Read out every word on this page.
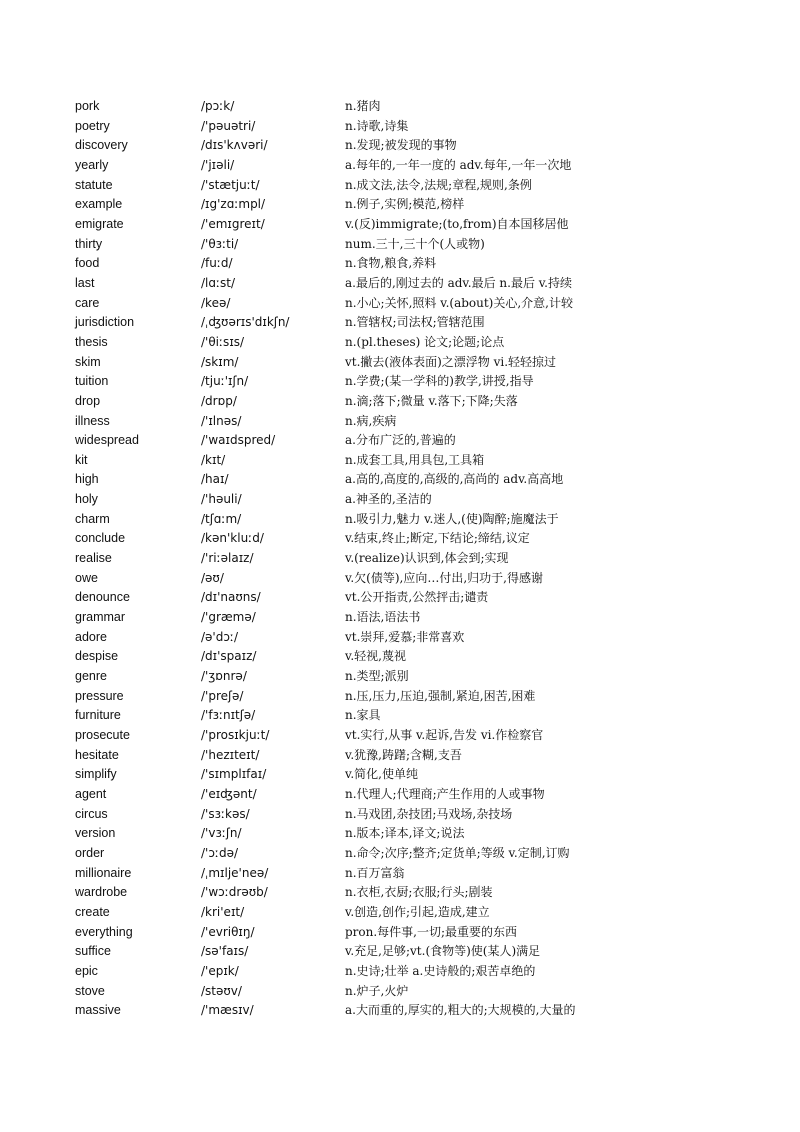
pork	/pɔːk/	n.猪肉
poetry	/'pəuətri/	n.诗歌,诗集
discovery	/dɪs'kʌvəri/	n.发现;被发现的事物
yearly	/'jɪəli/	a.每年的,一年一度的 adv.每年,一年一次地
statute	/'stætjuːt/	n.成文法,法令,法规;章程,规则,条例
example	/ɪg'zɑːmpl/	n.例子,实例;模范,榜样
emigrate	/'emɪgreɪt/	v.(反)immigrate;(to,from)自本国移居他
thirty	/'θɜːti/	num.三十,三十个(人或物)
food	/fuːd/	n.食物,粮食,养料
last	/lɑːst/	a.最后的,刚过去的 adv.最后 n.最后 v.持续
care	/keə/	n.小心;关怀,照料 v.(about)关心,介意,计较
jurisdiction	/ˌʤʊərɪs'dɪkʃn/	n.管辖权;司法权;管辖范围
thesis	/'θiːsɪs/	n.(pl.theses) 论文;论题;论点
skim	/skɪm/	vt.撇去(液体表面)之漂浮物 vi.轻轻掠过
tuition	/tjuː'ɪʃn/	n.学费;(某一学科的)教学,讲授,指导
drop	/drɒp/	n.滴;落下;微量 v.落下;下降;失落
illness	/'ɪlnəs/	n.病,疾病
widespread	/'waɪdspred/	a.分布广泛的,普遍的
kit	/kɪt/	n.成套工具,用具包,工具箱
high	/haɪ/	a.高的,高度的,高级的,高尚的 adv.高高地
holy	/'həuli/	a.神圣的,圣洁的
charm	/tʃɑːm/	n.吸引力,魅力 v.迷人,(使)陶醉;施魔法于
conclude	/kən'kluːd/	v.结束,终止;断定,下结论;缔结,议定
realise	/'riːəlaɪz/	v.(realize)认识到,体会到;实现
owe	/əʊ/	v.欠(债等),应向…付出,归功于,得感谢
denounce	/dɪ'naʊns/	vt.公开指责,公然抨击;谴责
grammar	/'græmə/	n.语法,语法书
adore	/ə'dɔː/	vt.崇拜,爱慕;非常喜欢
despise	/dɪ'spaɪz/	v.轻视,蔑视
genre	/'ʒɒnrə/	n.类型;派别
pressure	/'preʃə/	n.压,压力,压迫,强制,紧迫,困苦,困难
furniture	/'fɜːnɪtʃə/	n.家具
prosecute	/'prosɪkjuːt/	vt.实行,从事 v.起诉,告发 vi.作检察官
hesitate	/'hezɪteɪt/	v.犹豫,踌躇;含糊,支吾
simplify	/'sɪmplɪfaɪ/	v.简化,使单纯
agent	/'eɪʤənt/	n.代理人;代理商;产生作用的人或事物
circus	/'sɜːkəs/	n.马戏团,杂技团;马戏场,杂技场
version	/'vɜːʃn/	n.版本;译本,译文;说法
order	/'ɔːdə/	n.命令;次序;整齐;定货单;等级 v.定制,订购
millionaire	/ˌmɪlje'neə/	n.百万富翁
wardrobe	/'wɔːdrəʊb/	n.衣柜,衣厨;衣服;行头;剧装
create	/kri'eɪt/	v.创造,创作;引起,造成,建立
everything	/'evriθɪŋ/	pron.每件事,一切;最重要的东西
suffice	/sə'faɪs/	v.充足,足够;vt.(食物等)使(某人)满足
epic	/'epɪk/	n.史诗;壮举 a.史诗般的;艰苦卓绝的
stove	/stəʊv/	n.炉子,火炉
massive	/'mæsɪv/	a.大而重的,厚实的,粗大的;大规模的,大量的
